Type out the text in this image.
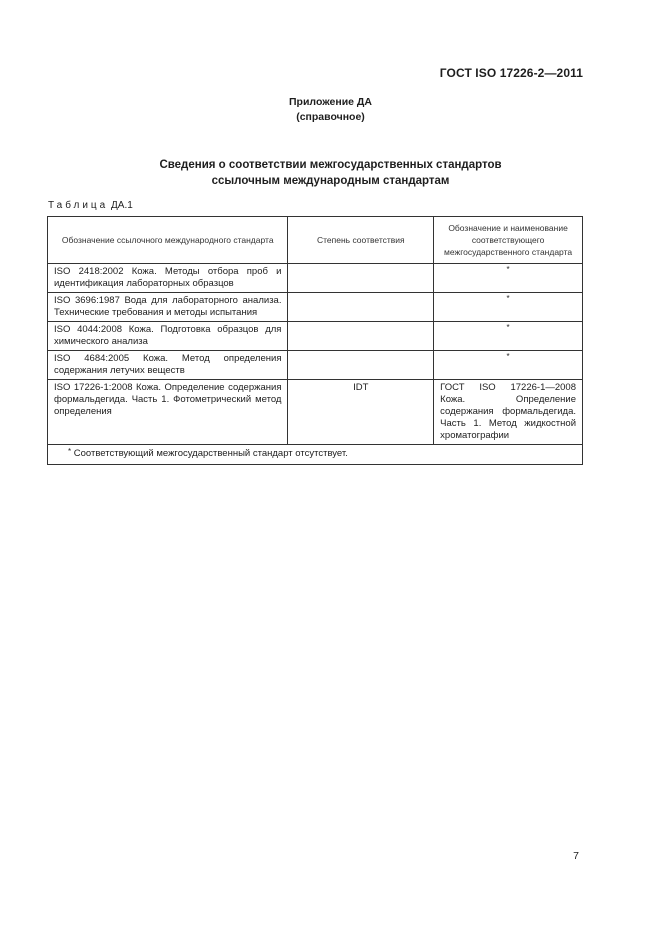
ГОСТ ISO 17226-2—2011
Приложение ДА
(справочное)
Сведения о соответствии межгосударственных стандартов
ссылочным международным стандартам
Таблица ДА.1
Обозначение ссылочного международного стандарта	Степень соответствия	Обозначение и наименование соответствующего межгосударственного стандарта
ISO 2418:2002 Кожа. Методы отбора проб и идентификация лабораторных образцов		*
ISO 3696:1987 Вода для лабораторного анализа. Технические требования и методы испытания		*
ISO 4044:2008 Кожа. Подготовка образцов для химического анализа		*
ISO 4684:2005 Кожа. Метод определения содержания летучих веществ		*
ISO 17226-1:2008 Кожа. Определение содержания формальдегида. Часть 1. Фотометрический метод определения	IDT	ГОСТ ISO 17226-1—2008 Кожа. Определение содержания формальдегида. Часть 1. Метод жидкостной хроматографии
* Соответствующий межгосударственный стандарт отсутствует.		
7
